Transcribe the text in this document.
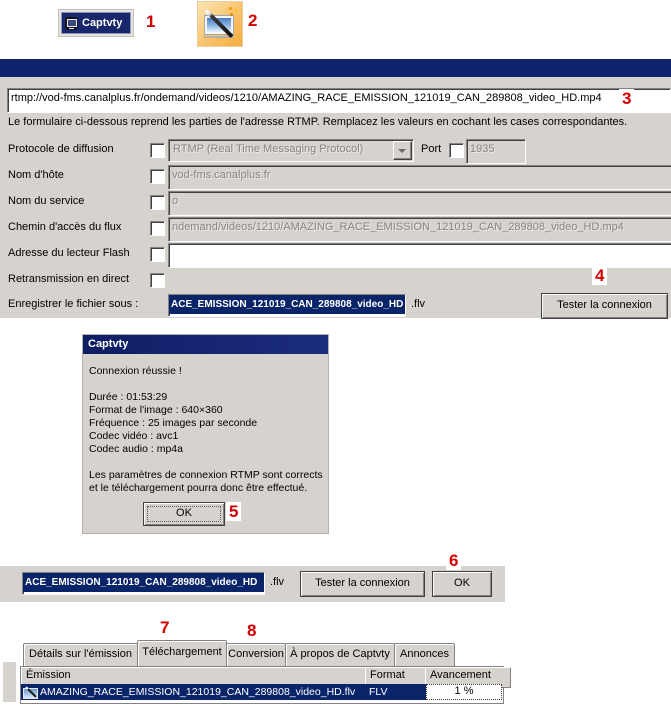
Captvty 1	2
rtmp://vod-fms.canalplus.fr/ondemand/videos/1210/AMAZING_RACE_EMISSION_121019_CAN_289808_video_HD.mp4	3
Le formulaire ci-dessous reprend les parties de l'adresse RTMP. Remplacez les valeurs en cochant les cases correspondantes.
Protocole de diffusion	RTMP (Real Time Messaging Protocol)	Port	1935
Nom d'hôte	vod-fms.canalplus.fr
Nom du service	o
Chemin d'accès du flux	ndemand/videos/1210/AMAZING_RACE_EMISSION_121019_CAN_289808_video_HD.mp4
Adresse du lecteur Flash
Retransmission en direct
Enregistrer le fichier sous :	ACE_EMISSION_121019_CAN_289808_video_HD .flv
4
Tester la connexion
Captvty
Connexion réussie !
Durée : 01:53:29
Format de l'image : 640×360
Fréquence : 25 images par seconde
Codec vidéo : avc1
Codec audio : mp4a
Les paramètres de connexion RTMP sont corrects
et le téléchargement pourra donc être effectué.
OK	5
ACE_EMISSION_121019_CAN_289808_video_HD	.flv	Tester la connexion	OK
6
7	8
Détails sur l'émission Téléchargement Conversion À propos de Captvty Annonces
Émission	Format	Avancement
AMAZING_RACE_EMISSION_121019_CAN_289808_video_HD.flv FLV	1 %
